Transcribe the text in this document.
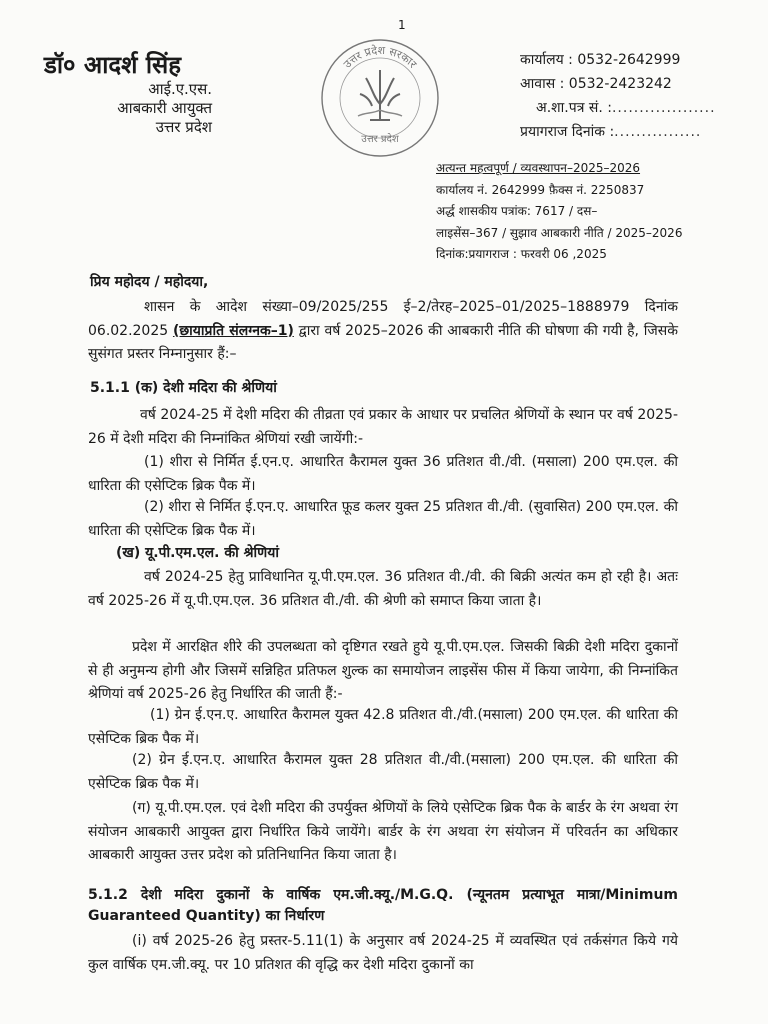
1
डॉ० आदर्श सिंह
आई.ए.एस.
आबकारी आयुक्त
उत्तर प्रदेश
उत्तर प्रदेश सरकार
उत्तर प्रदेश
कार्यालय : 0532-2642999
आवास : 0532-2423242
अ.शा.पत्र सं. :...................
प्रयागराज दिनांक :................
अत्यन्त महत्वपूर्ण / व्यवस्थापन–2025–2026
कार्यालय नं. 2642999 फ़ैक्स नं. 2250837
अर्द्ध शासकीय पत्रांक: 7617 / दस–
लाइसेंस–367 / सुझाव आबकारी नीति / 2025–2026
दिनांक:प्रयागराज : फरवरी 06 ,2025
प्रिय महोदय / महोदया,
शासन के आदेश संख्या–09/2025/255 ई–2/तेरह–2025–01/2025–1888979 दिनांक 06.02.2025 (छायाप्रति संलग्नक–1) द्वारा वर्ष 2025–2026 की आबकारी नीति की घोषणा की गयी है, जिसके सुसंगत प्रस्तर निम्नानुसार हैं:–
5.1.1 (क) देशी मदिरा की श्रेणियां
वर्ष 2024-25 में देशी मदिरा की तीव्रता एवं प्रकार के आधार पर प्रचलित श्रेणियों के स्थान पर वर्ष 2025-26 में देशी मदिरा की निम्नांकित श्रेणियां रखी जायेंगी:-
(1) शीरा से निर्मित ई.एन.ए. आधारित कैरामल युक्त 36 प्रतिशत वी./वी. (मसाला) 200 एम.एल. की धारिता की एसेप्टिक ब्रिक पैक में।
(2) शीरा से निर्मित ई.एन.ए. आधारित फ़ूड कलर युक्त 25 प्रतिशत वी./वी. (सुवासित) 200 एम.एल. की धारिता की एसेप्टिक ब्रिक पैक में।
(ख) यू.पी.एम.एल. की श्रेणियां
वर्ष 2024-25 हेतु प्राविधानित यू.पी.एम.एल. 36 प्रतिशत वी./वी. की बिक्री अत्यंत कम हो रही है। अतः वर्ष 2025-26 में यू.पी.एम.एल. 36 प्रतिशत वी./वी. की श्रेणी को समाप्त किया जाता है।
प्रदेश में आरक्षित शीरे की उपलब्धता को दृष्टिगत रखते हुये यू.पी.एम.एल. जिसकी बिक्री देशी मदिरा दुकानों से ही अनुमन्य होगी और जिसमें सन्निहित प्रतिफल शुल्क का समायोजन लाइसेंस फीस में किया जायेगा, की निम्नांकित श्रेणियां वर्ष 2025-26 हेतु निर्धारित की जाती हैं:-
(1) ग्रेन ई.एन.ए. आधारित कैरामल युक्त 42.8 प्रतिशत वी./वी.(मसाला) 200 एम.एल. की धारिता की एसेप्टिक ब्रिक पैक में।
(2) ग्रेन ई.एन.ए. आधारित कैरामल युक्त 28 प्रतिशत वी./वी.(मसाला) 200 एम.एल. की धारिता की एसेप्टिक ब्रिक पैक में।
(ग) यू.पी.एम.एल. एवं देशी मदिरा की उपर्युक्त श्रेणियों के लिये एसेप्टिक ब्रिक पैक के बार्डर के रंग अथवा रंग संयोजन आबकारी आयुक्त द्वारा निर्धारित किये जायेंगे। बार्डर के रंग अथवा रंग संयोजन में परिवर्तन का अधिकार आबकारी आयुक्त उत्तर प्रदेश को प्रतिनिधानित किया जाता है।
5.1.2 देशी मदिरा दुकानों के वार्षिक एम.जी.क्यू./M.G.Q. (न्यूनतम प्रत्याभूत मात्रा/Minimum Guaranteed Quantity) का निर्धारण
(i) वर्ष 2025-26 हेतु प्रस्तर-5.11(1) के अनुसार वर्ष 2024-25 में व्यवस्थित एवं तर्कसंगत किये गये कुल वार्षिक एम.जी.क्यू. पर 10 प्रतिशत की वृद्धि कर देशी मदिरा दुकानों का
